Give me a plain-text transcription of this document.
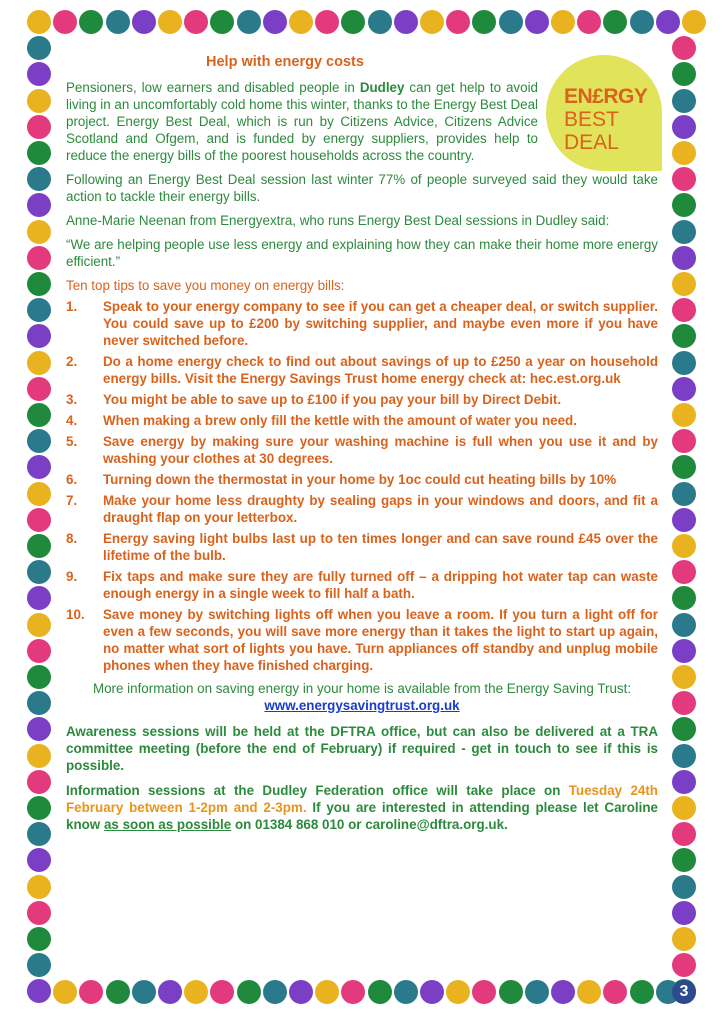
EN£RGY
BEST
DEAL
Help with energy costs

Pensioners, low earners and disabled people in Dudley can get help to avoid living in an uncomfortably cold home this winter, thanks to the Energy Best Deal project. Energy Best Deal, which is run by Citizens Advice, Citizens Advice Scotland and Ofgem, and is funded by energy suppliers, provides help to reduce the energy bills of the poorest households across the country.

Following an Energy Best Deal session last winter 77% of people surveyed said they would take action to tackle their energy bills.

Anne-Marie Neenan from Energyextra, who runs Energy Best Deal sessions in Dudley said:

“We are helping people use less energy and explaining how they can make their home more energy efficient.”

Ten top tips to save you money on energy bills:

1.	Speak to your energy company to see if you can get a cheaper deal, or switch supplier. You could save up to £200 by switching supplier, and maybe even more if you have never switched before.
2.	Do a home energy check to find out about savings of up to £250 a year on household energy bills. Visit the Energy Savings Trust home energy check at: hec.est.org.uk
3.	You might be able to save up to £100 if you pay your bill by Direct Debit.
4.	When making a brew only fill the kettle with the amount of water you need.
5.	Save energy by making sure your washing machine is full when you use it and by washing your clothes at 30 degrees.
6.	Turning down the thermostat in your home by 1oc could cut heating bills by 10%
7.	Make your home less draughty by sealing gaps in your windows and doors, and fit a draught flap on your letterbox.
8.	Energy saving light bulbs last up to ten times longer and can save round £45 over the lifetime of the bulb.
9.	Fix taps and make sure they are fully turned off – a dripping hot water tap can waste enough energy in a single week to fill half a bath.
10.	Save money by switching lights off when you leave a room. If you turn a light off for even a few seconds, you will save more energy than it takes the light to start up again, no matter what sort of lights you have. Turn appliances off standby and unplug mobile phones when they have finished charging.

More information on saving energy in your home is available from the Energy Saving Trust: www.energysavingtrust.org.uk

Awareness sessions will be held at the DFTRA office, but can also be delivered at a TRA committee meeting (before the end of February) if required - get in touch to see if this is possible.

Information sessions at the Dudley Federation office will take place on Tuesday 24th February between 1-2pm and 2-3pm. If you are interested in attending please let Caroline know as soon as possible on 01384 868 010 or caroline@dftra.org.uk.

3
